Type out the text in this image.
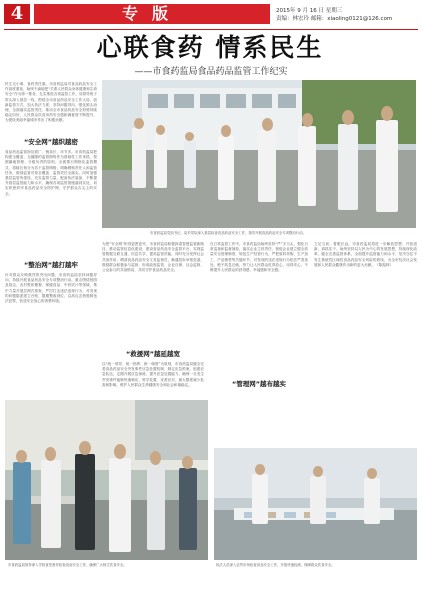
4	专版	2015年 9 月 16 日 星期三
责编：林宏玲 邮箱：xiaoling0121@126.com
心联食药 情系民生
——市食药监局食品药品监管工作纪实
民生无小事，食药责任重。市食药监局对食品药品安全工作高度重视，始终不渝地把“关系人民群众身体健康和生命安全”作为第一要务，扎实推进各项监管工作。局领导班子带头深入基层一线，围绕全市食品药品安全工作大局，创新监管方式，加大执法力度，坚持问题导向，强化源头治理，全面落实监管责任，推动全市食品药品安全形势持续稳定向好，人民群众饮食用药安全感和满意度不断提升，为建设美丽幸福城市作出了积极贡献。
“安全网”越织越密
食品药品监管涉及面广、链条长、环节多。市食药监局把构建全覆盖、无缝隙的监管网络作为基础性工作来抓，按照属地管理、分级负责的原则，全面推行网格化监管模式，将辖区划分为若干监管网格，明确网格责任人和监管任务，做到监管对象全覆盖、监管责任全落实。同时加强基层监管所建设，充实监管力量，配备执法装备，不断提升基层监管能力和水平，确保各项监管措施落到实处，切实织密织牢食品药品安全防护网，守护群众舌尖上的安全。
“整治网”越打越牢
针对群众反映强烈的突出问题，市食药监局坚持问题导向，持续开展食品药品安全专项整治行动。重点围绕校园及周边、农村集体聚餐、保健食品、中药饮片等领域，集中力量开展拉网式排查，严厉打击违法违规行为，对发现的问题隐患建立台账，限期整改到位，以高压态势遏制违法犯罪，营造安全放心的消费环境。
市食药监局党组书记、局长带队深入基层检查食品药品安全工作，指导开展食品药品安全专项整治行动。
为把“安全网”织得更密更牢，市食药监局积极探索智慧监管新路径，推动监管信息化建设，建设食品药品安全监管平台，实现监管数据互联互通、信息共享，提高监管效能。同时充分发挥社会共治作用，聘请食品药品安全义务监督员，畅通投诉举报渠道，鼓励群众积极参与监督，形成政府监管、企业自律、社会监督、公众参与的共治格局，共同守护食品药品安全。
“救援网”越延越宽
以“统一领导、统一指挥、统一调度”为原则，市食药监局健全完善食品药品安全突发事件应急处置机制，制定应急预案，组建应急队伍，定期开展应急演练，提升应急处置能力，确保一旦发生突发事件能够快速响应、科学处置、妥善应对，最大限度减少危害和影响，维护人民群众生命健康安全和社会和谐稳定。
在日常监管工作中，市食药监局始终坚持“严”字当头，强化日常巡查和监督抽检，落实企业主体责任，督促企业建立健全质量安全管理制度，规范生产经营行为，严把原料采购、生产加工、产品销售等关键环节，对发现的违法违规行为依法严肃查处，绝不姑息迁就，努力让人民群众吃得放心、用得安心，不断提升人民群众的获得感、幸福感和安全感。
“管理网”越布越实
立足当前、着眼长远，市食药监局将进一步解放思想、开拓创新、真抓实干，始终坚持以人民为中心的发展思想，持续深化改革，健全完善监管体系，全面提升监管能力和水平，坚决守住不发生系统性区域性食品药品安全风险的底线，为全市经济社会发展和人民群众健康作出新的更大贡献。（陈振林）
市食药监局领导深入学校食堂督导检查食品安全工作，确保广大师生饮食安全。	执法人员深入农贸市场检查食品安全工作，开展快速检测，保障群众饮食安全。
